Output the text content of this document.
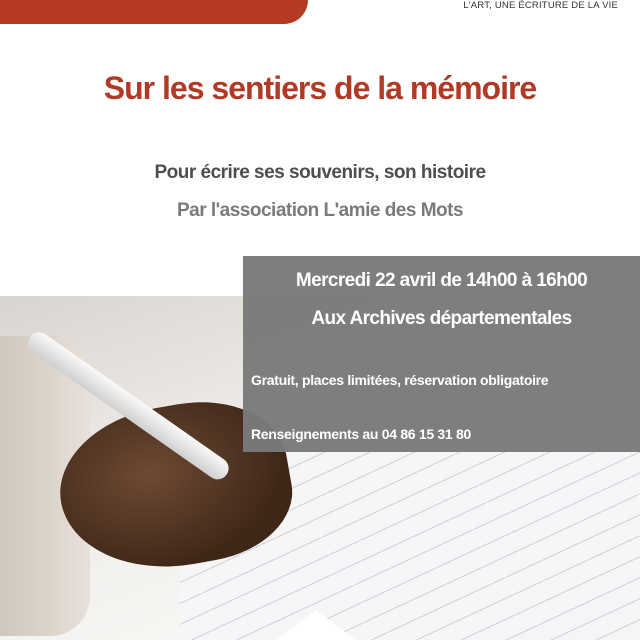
L'ART, UNE ÉCRITURE DE LA VIE
Sur les sentiers de la mémoire
Pour écrire ses souvenirs, son histoire
Par l'association L'amie des Mots
Mercredi 22 avril de 14h00 à 16h00
Aux Archives départementales
Gratuit, places limitées, réservation obligatoire
Renseignements au 04 86 15 31 80
